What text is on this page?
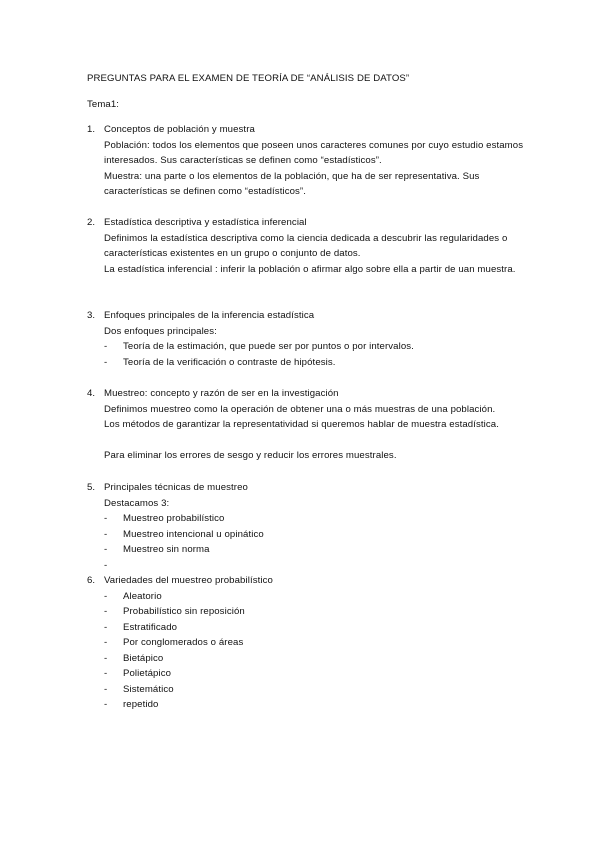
PREGUNTAS PARA EL EXAMEN DE TEORÍA DE “ANÁLISIS DE DATOS”
Tema1:
1. Conceptos de población y muestra

Población: todos los elementos que poseen unos caracteres comunes por cuyo estudio estamos interesados. Sus características se definen como “estadísticos”.

Muestra: una parte o los elementos de la población, que ha de ser representativa. Sus características se definen como “estadísticos”.

2. Estadística descriptiva y estadística inferencial

Definimos la estadística descriptiva como la ciencia dedicada a descubrir las regularidades o características existentes en un grupo o conjunto de datos.

La estadística inferencial : inferir la población o afirmar algo sobre ella a partir de uan muestra.

3. Enfoques principales de la inferencia estadística

Dos enfoques principales:

-	Teoría de la estimación, que puede ser por puntos o por intervalos.
-	Teoría de la verificación o contraste de hipótesis.
4. Muestreo: concepto y razón de ser en la investigación

Definimos muestreo como la operación de obtener una o más muestras de una población.

Los métodos de garantizar la representatividad si queremos hablar de muestra estadística.

Para eliminar los errores de sesgo y reducir los errores muestrales.

5. Principales técnicas de muestreo

Destacamos 3:

-	Muestreo probabilístico
-	Muestreo intencional u opinático
-	Muestreo sin norma
-
6. Variedades del muestreo probabilístico
-	Aleatorio
-	Probabilístico sin reposición
-	Estratificado
-	Por conglomerados o áreas
-	Bietápico
-	Polietápico
-	Sistemático
-	repetido
